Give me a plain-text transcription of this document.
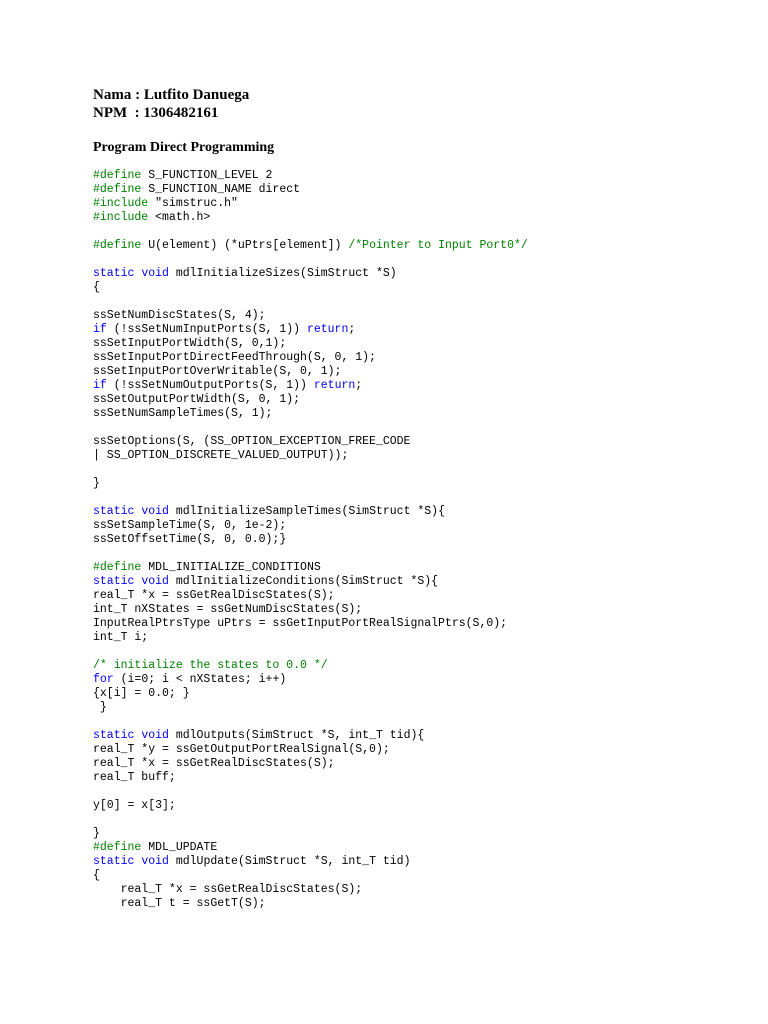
Nama : Lutfito Danuega
NPM  : 1306482161
Program Direct Programming
#define S_FUNCTION_LEVEL 2
#define S_FUNCTION_NAME direct
#include "simstruc.h"
#include <math.h>
#define U(element) (*uPtrs[element]) /*Pointer to Input Port0*/
static void mdlInitializeSizes(SimStruct *S)
{
ssSetNumDiscStates(S, 4);
if (!ssSetNumInputPorts(S, 1)) return;
ssSetInputPortWidth(S, 0,1);
ssSetInputPortDirectFeedThrough(S, 0, 1);
ssSetInputPortOverWritable(S, 0, 1);
if (!ssSetNumOutputPorts(S, 1)) return;
ssSetOutputPortWidth(S, 0, 1);
ssSetNumSampleTimes(S, 1);
ssSetOptions(S, (SS_OPTION_EXCEPTION_FREE_CODE
| SS_OPTION_DISCRETE_VALUED_OUTPUT));
}
static void mdlInitializeSampleTimes(SimStruct *S){
ssSetSampleTime(S, 0, 1e-2);
ssSetOffsetTime(S, 0, 0.0);}
#define MDL_INITIALIZE_CONDITIONS
static void mdlInitializeConditions(SimStruct *S){
real_T *x = ssGetRealDiscStates(S);
int_T nXStates = ssGetNumDiscStates(S);
InputRealPtrsType uPtrs = ssGetInputPortRealSignalPtrs(S,0);
int_T i;
/* initialize the states to 0.0 */
for (i=0; i < nXStates; i++)
{x[i] = 0.0; }
}
static void mdlOutputs(SimStruct *S, int_T tid){
real_T *y = ssGetOutputPortRealSignal(S,0);
real_T *x = ssGetRealDiscStates(S);
real_T buff;
y[0] = x[3];
}
#define MDL_UPDATE
static void mdlUpdate(SimStruct *S, int_T tid)
{
real_T *x = ssGetRealDiscStates(S);
real_T t = ssGetT(S);
